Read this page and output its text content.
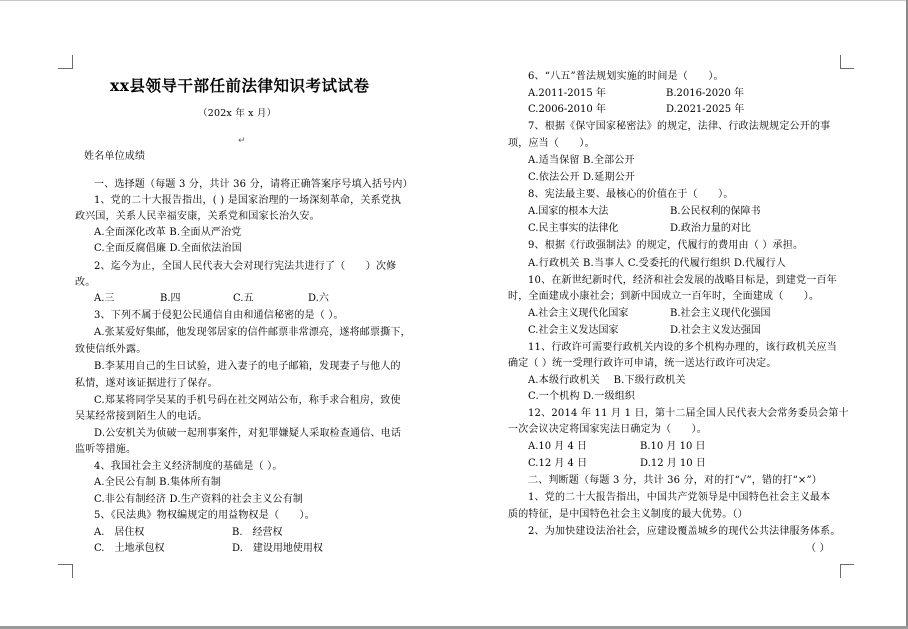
xx县领导干部任前法律知识考试试卷
（202x 年 x 月）
↵
姓名单位成绩
一、选择题（每题 3 分，共计 36 分，请将正确答案序号填入括号内）
1、党的二十大报告指出，( ) 是国家治理的一场深刻革命，关系党执
政兴国，关系人民幸福安康，关系党和国家长治久安。
A.全面深化改革 B.全面从严治党
C.全面反腐倡廉 D.全面依法治国
2、迄今为止，全国人民代表大会对现行宪法共进行了（　　）次修
改。
A.三	B.四	C.五	D.六
3、下列不属于侵犯公民通信自由和通信秘密的是（ ）。
A.张某爱好集邮，他发现邻居家的信件邮票非常漂亮，遂将邮票撕下，
致使信纸外露。
B.李某用自己的生日试验，进入妻子的电子邮箱，发现妻子与他人的
私情，遂对该证据进行了保存。
C.郑某将同学吴某的手机号码在社交网站公布，称手求合租房，致使
吴某经常接到陌生人的电话。
D.公安机关为侦破一起刑事案件，对犯罪嫌疑人采取检查通信、电话
监听等措施。
4、我国社会主义经济制度的基础是（ ）。
A.全民公有制 B.集体所有制
C.非公有制经济 D.生产资料的社会主义公有制
5、《民法典》物权编规定的用益物权是（　　）。
A.　居住权	B.　经营权
C.　土地承包权	D.　建设用地使用权
6、“八五”普法规划实施的时间是（　　）。
A.2011-2015 年	B.2016-2020 年
C.2006-2010 年	D.2021-2025 年
7、根据《保守国家秘密法》的规定，法律、行政法规规定公开的事
项，应当（　　）。
A.适当保留 B.全部公开
C.依法公开 D.延期公开
8、宪法最主要、最核心的价值在于（　　）。
A.国家的根本大法	B.公民权利的保障书
C.民主事实的法律化	D.政治力量的对比
9、根据《行政强制法》的规定，代履行的费用由（ ）承担。
A.行政机关 B.当事人 C.受委托的代履行组织 D.代履行人
10、在新世纪新时代，经济和社会发展的战略目标是，到建党一百年
时，全面建成小康社会；到新中国成立一百年时，全面建成（　　）。
A.社会主义现代化国家	B.社会主义现代化强国
C.社会主义发达国家	D.社会主义发达强国
11、行政许可需要行政机关内设的多个机构办理的，该行政机关应当
确定（ ）统一受理行政许可申请，统一送达行政许可决定。
A.本级行政机关　 B.下级行政机关
C.一个机构 D.一级组织
12、2014 年 11 月 1 日，第十二届全国人民代表大会常务委员会第十
一次会议决定将国家宪法日确定为（　　）。
A.10 月 4 日	B.10 月 10 日
C.12 月 4 日	D.12 月 10 日
二、判断题（每题 3 分，共计 36 分，对的打“√”，错的打“×”）
1、党的二十大报告指出，中国共产党领导是中国特色社会主义最本
质的特征，是中国特色社会主义制度的最大优势。（）
2、为加快建设法治社会，应建设覆盖城乡的现代公共法律服务体系。
（ ）
